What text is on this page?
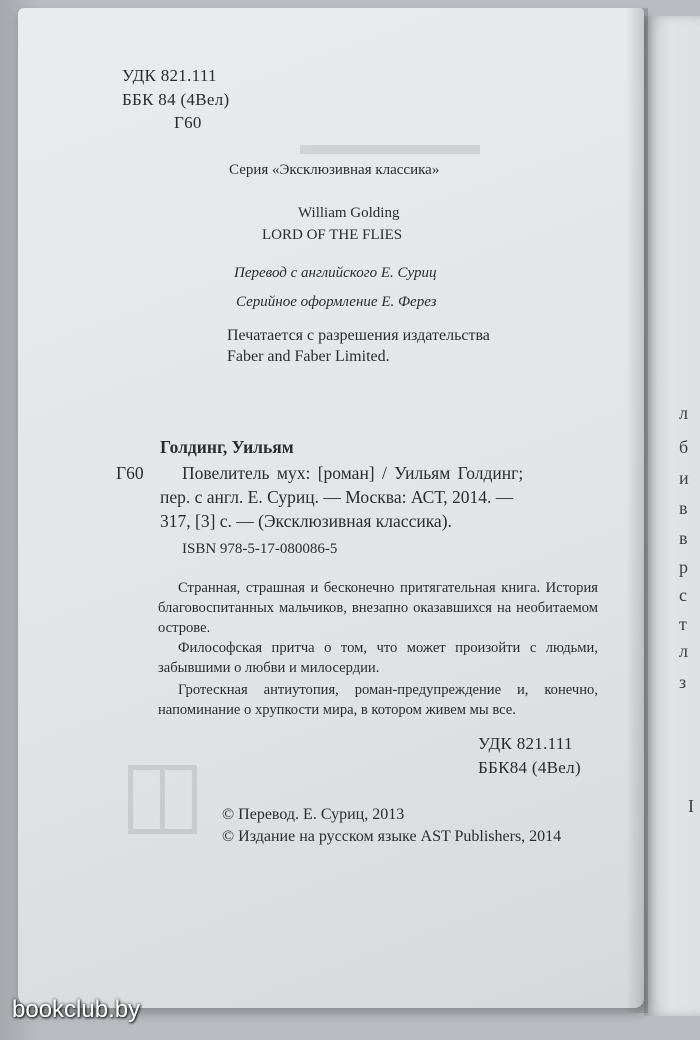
▬▬▬▬▬▬
◫
УДК 821.111
ББК 84 (4Вел)
Г60
Серия «Эксклюзивная классика»
William Golding
LORD OF THE FLIES
Перевод с английского Е. Суриц
Серийное оформление Е. Ферез
Печатается с разрешения издательства
Faber and Faber Limited.
Голдинг, Уильям
Г60 Повелитель мух: [роман] / Уильям Голдинг;
пер. с англ. Е. Суриц. — Москва: АСТ, 2014. —
317, [3] с. — (Эксклюзивная классика).
ISBN 978-5-17-080086-5
Странная, страшная и бесконечно притягательная книга. История благовоспитанных мальчиков, внезапно оказавшихся на необитаемом острове.
Философская притча о том, что может произойти с людьми, забывшими о любви и милосердии.
Гротескная антиутопия, роман-предупреждение и, конечно, напоминание о хрупкости мира, в котором живем мы все.
УДК 821.111
ББК84 (4Вел)
© Перевод. Е. Суриц, 2013
© Издание на русском языке AST Publishers, 2014
л
б
и
в
в
р
с
т
л
з
I
bookclub.by
